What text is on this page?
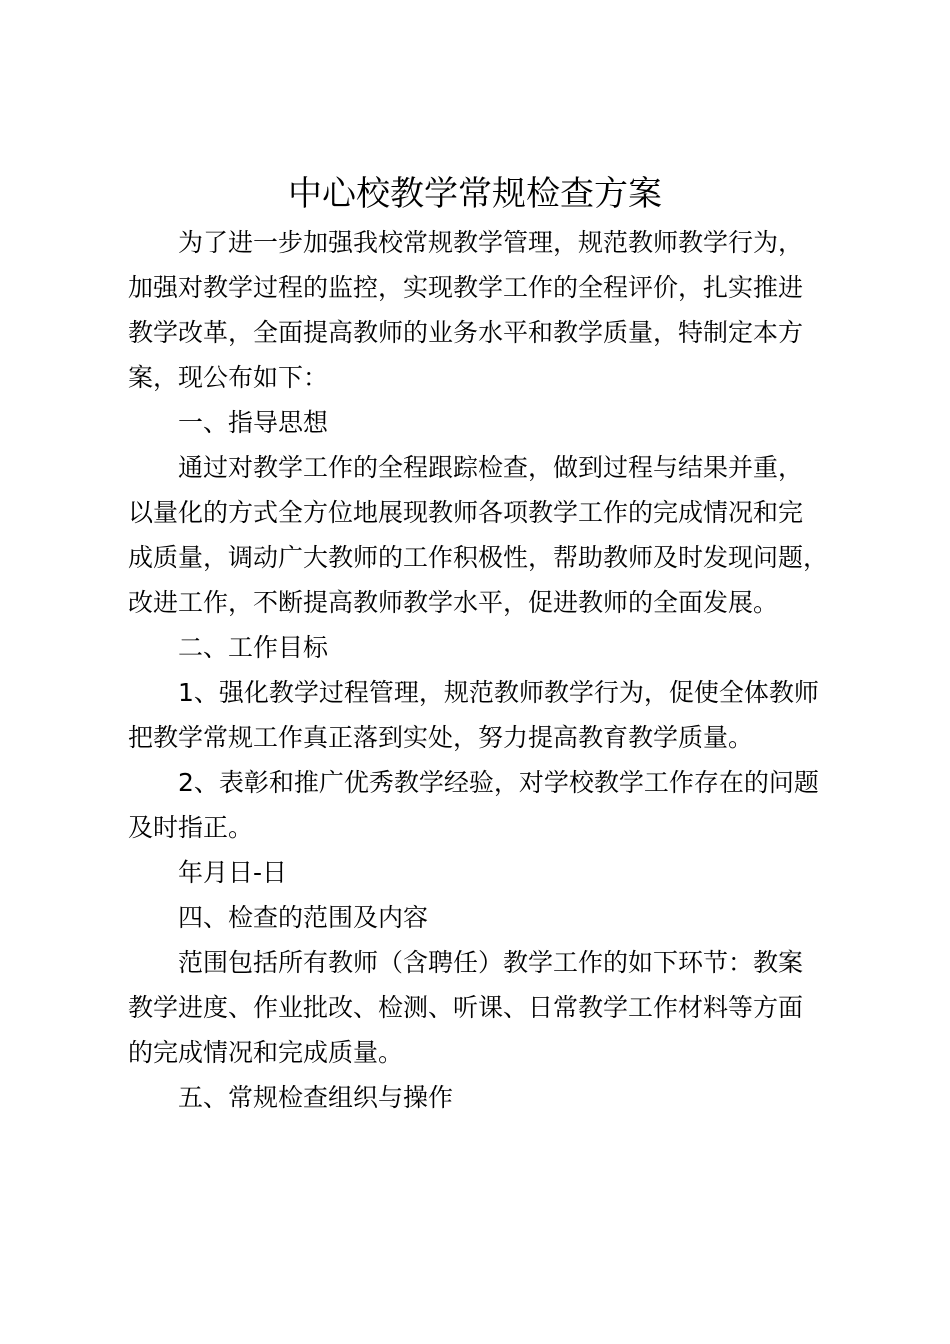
中心校教学常规检查方案
为了进一步加强我校常规教学管理，规范教师教学行为，
加强对教学过程的监控，实现教学工作的全程评价，扎实推进
教学改革，全面提高教师的业务水平和教学质量，特制定本方
案，现公布如下：
一、指导思想
通过对教学工作的全程跟踪检查，做到过程与结果并重，
以量化的方式全方位地展现教师各项教学工作的完成情况和完
成质量，调动广大教师的工作积极性，帮助教师及时发现问题，
改进工作，不断提高教师教学水平，促进教师的全面发展。
二、工作目标
1、强化教学过程管理，规范教师教学行为，促使全体教师
把教学常规工作真正落到实处，努力提高教育教学质量。
2、表彰和推广优秀教学经验，对学校教学工作存在的问题
及时指正。
年月日-日
四、检查的范围及内容
范围包括所有教师（含聘任）教学工作的如下环节：教案
教学进度、作业批改、检测、听课、日常教学工作材料等方面
的完成情况和完成质量。
五、常规检查组织与操作
